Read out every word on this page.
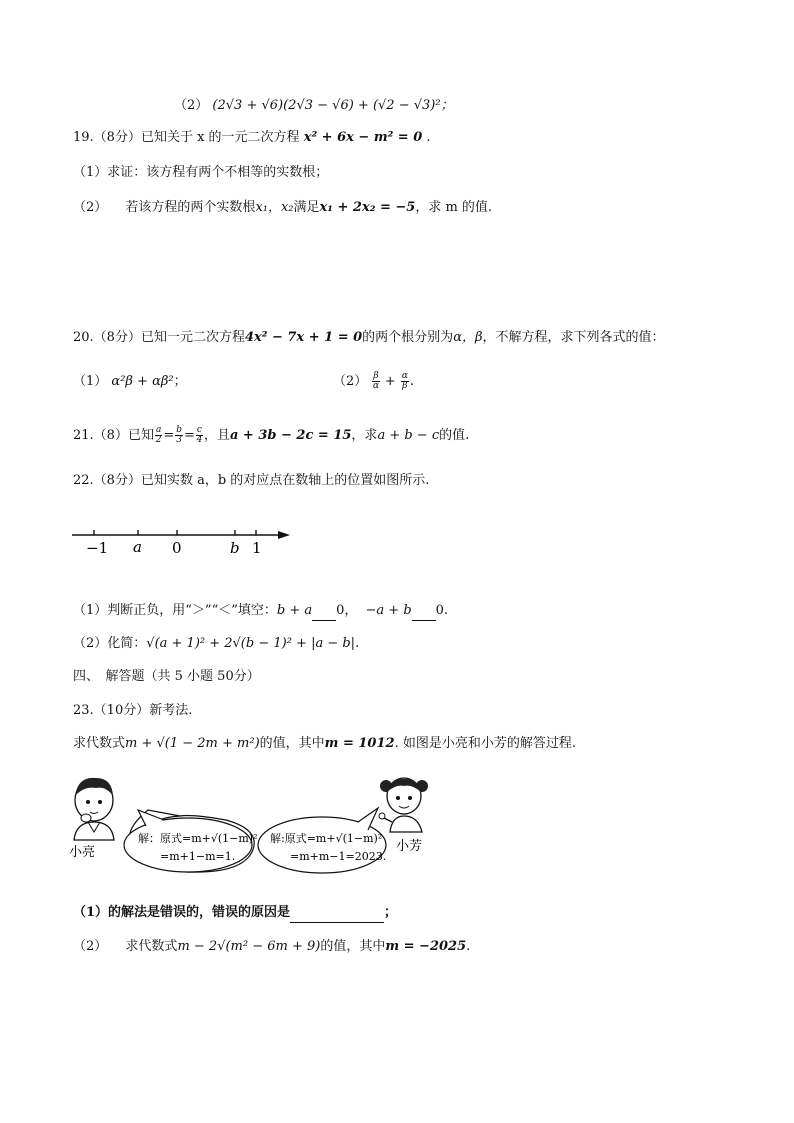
（2） (2√3 + √6)(2√3 − √6) + (√2 − √3)²；
19.（8分）已知关于 x 的一元二次方程 x² + 6x − m² = 0 .
（1）求证：该方程有两个不相等的实数根；
（2） 若该方程的两个实数根x₁，x₂满足x₁ + 2x₂ = −5，求 m 的值.
20.（8分）已知一元二次方程4x² − 7x + 1 = 0的两个根分别为α，β，不解方程，求下列各式的值：
（1） α²β + αβ²；	$(2) \frac{\beta}{\alpha} + \frac{\alpha}{\beta}$ .
21.（8）已知 $\frac{a}{2} = \frac{b}{3} = \frac{c}{4}$ ，且a + 3b − 2c = 15，求a + b − c的值.
22.（8分）已知实数 a，b 的对应点在数轴上的位置如图所示.
−1 a 0	b 1
（1）判断正负，用“＞”“＜”填空：b + a 0， −a + b 0.
（2）化简：√(a + 1)² + 2√(b − 1)² + |a − b|.
四、　解答题（共 5 小题 50分）
23.（10分）新考法.
求代数式m + √(1 − 2m + m²)的值，其中m = 1012. 如图是小亮和小芳的解答过程.
小亮
解：原式=m+√(1−m)²
=m+1−m=1.
解:原式=m+√(1−m)²
=m+m−1=2023.
小芳
（1）的解法是错误的，错误的原因是	；
（2） 求代数式m − 2√(m² − 6m + 9)的值，其中m = −2025.
